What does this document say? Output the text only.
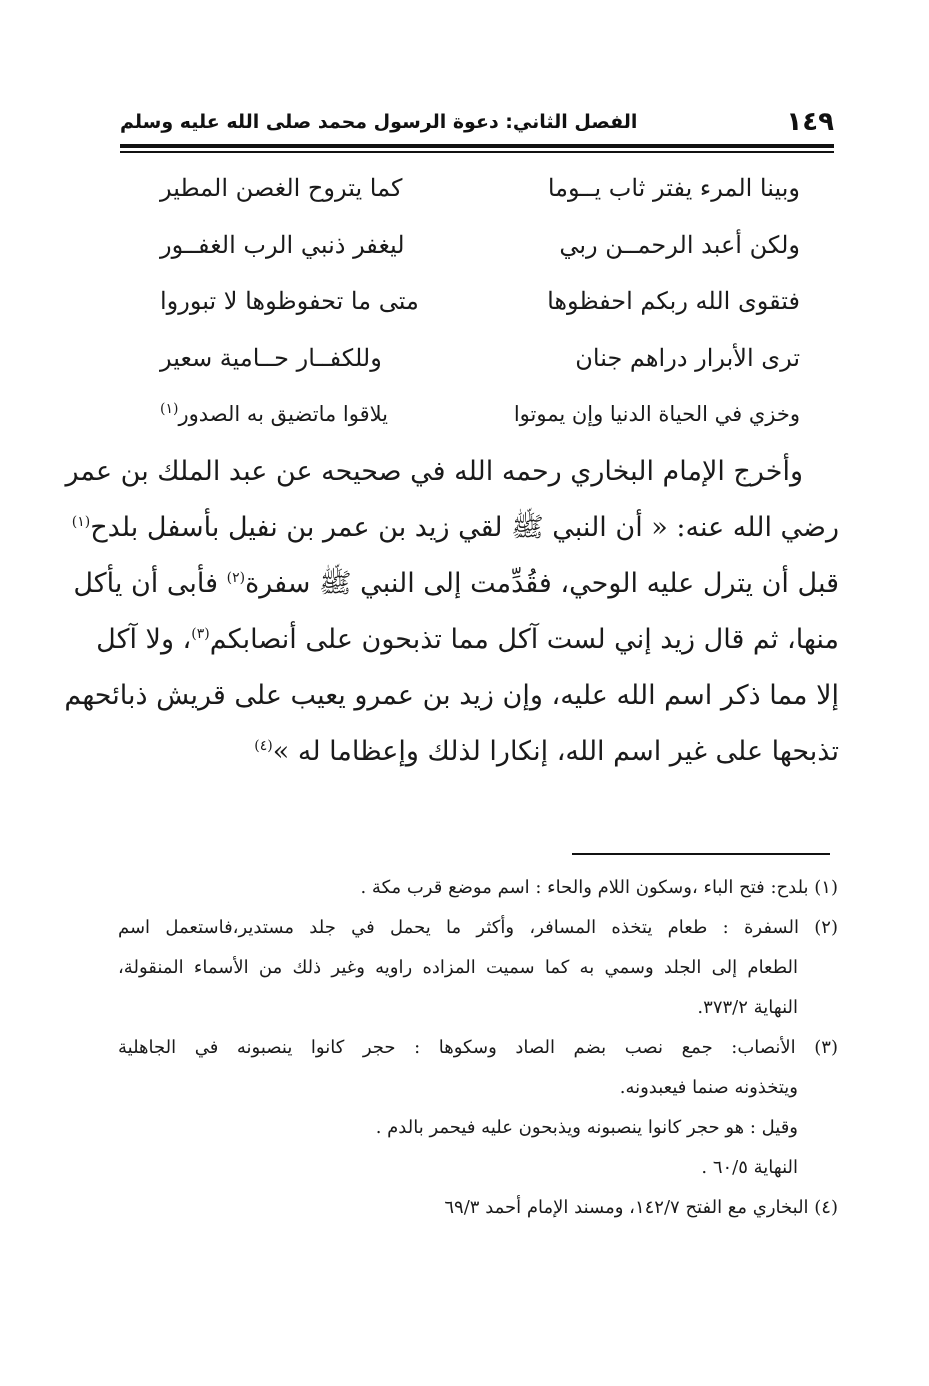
١٤٩
الفصل الثاني: دعوة الرسول محمد صلى الله عليه وسلم
وبينا المرء يفتر ثاب يــوما
كما يتروح الغصن المطير
ولكن أعبد الرحمــن ربي
ليغفر ذنبي الرب الغفــور
فتقوى الله ربكم احفظوها
متى ما تحفوظوها لا تبوروا
ترى الأبرار دراهم جنان
وللكفــار حــامية سعير
وخزي في الحياة الدنيا وإن يموتوا
يلاقوا ماتضيق به الصدور$^{(١)}$
وأخرج الإمام البخاري رحمه الله في صحيحه عن عبد الملك بن عمر
رضي الله عنه: « أن النبي ﷺ لقي زيد بن عمر بن نفيل بأسفل بلدح$^{(١)}$
قبل أن يترل عليه الوحي، فقُدِّمت إلى النبي ﷺ سفرة$^{(٢)}$ فأبى أن يأكل
منها، ثم قال زيد إني لست آكل مما تذبحون على أنصابكم$^{(٣)}$، ولا آكل
إلا مما ذكر اسم الله عليه، وإن زيد بن عمرو يعيب على قريش ذبائحهم
تذبحها على غير اسم الله، إنكارا لذلك وإعظاما له »$^{(٤)}$
(١) بلدح: فتح الباء ،وسكون اللام والحاء : اسم موضع قرب مكة .
(٢) السفرة : طعام يتخذه المسافر، وأكثر ما يحمل في جلد مستدير،فاستعمل اسم
الطعام إلى الجلد وسمي به كما سميت المزاده راويه وغير ذلك من الأسماء المنقولة،
النهاية ٣٧٣/٢.
(٣) الأنصاب: جمع نصب بضم الصاد وسكوها : حجر كانوا ينصبونه في الجاهلية
ويتخذونه صنما فيعبدونه.
وقيل : هو حجر كانوا ينصبونه ويذبحون عليه فيحمر بالدم .
النهاية ٦٠/٥ .
(٤) البخاري مع الفتح ١٤٢/٧، ومسند الإمام أحمد ٦٩/٣
